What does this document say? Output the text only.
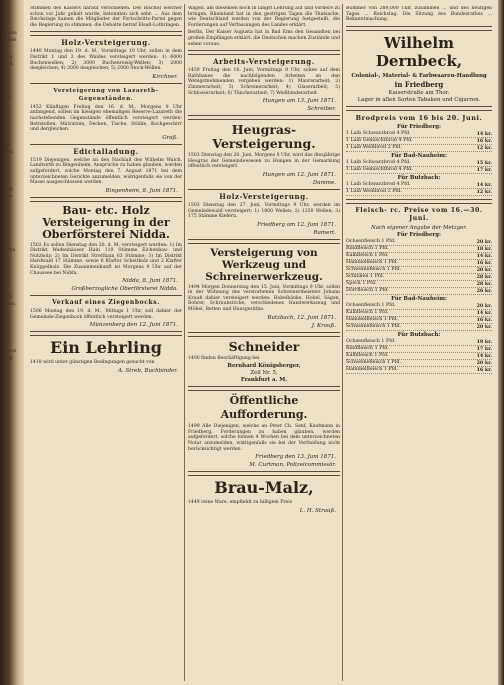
gaste
n Gei
ung
1. A
er
nis
ng
Geb
ung
Wie
ng,
Gesa
Sch
chen
eines
ung

Stimmen des Kaisers darauf verschieden. Der Bischof welcher schon vor Jahr gehalt wurde, betonnten sich sehr. ... Aus dem Reichstage kamen die Mitglieder der Fortschritts-Partei gegen die Regierung zu stimmen; die Debatte betraf Elsaß-Lothringen.

Holz-Versteigerung.

1440 Montag den 19. d. M., Vormittags 10 Uhr, sollen in dem Distrikt 1 und 2 des Waldes versteigert werden: 1) 6000 Buchenwellen; 2) 3000 Buchenreisig-Wellen; 3) 2000 desgleichen; 4) 2000 desgleichen; 5) 2000 Stock-Wellen.

Kirchner.
Versteigerung von Lazareth-Gegenständen.

1452 Künftigen Freitag den 16. d. M., Morgens 9 Uhr anfangend, sollen im hiesigen ehemaligen Reserve-Lazareth die nachstehenden Gegenstände öffentlich versteigert werden: Bettstellen, Matratzen, Decken, Tische, Stühle, Kochgeschirr und dergleichen.

Graß.
Edictalladung.

1519 Diejenigen, welche an den Nachlaß des Wilhelm Walch, Landwirth zu Bingenheim, Ansprüche zu haben glauben, werden aufgefordert, solche Montag den 7. August 1871 bei dem unterzeichneten Gerichte anzumelden, widrigenfalls sie von der Masse ausgeschlossen werden.

Bingenheim, 8. Juni 1871.
Bau- etc. Holz Versteigerung in der Oberförsterei Nidda.

1502 Es sollen Dienstag den 20. d. M. versteigert werden: 1) Im Distrikt Wadenhäuser Hain 110 Stämme Eichenbau- und Nutzholz; 2) Im Distrikt Streithain 63 Stämme; 3) Im Distrikt Hardwald 17 Stämme, sowie 6 Klafter Scheitholz und 2 Klafter Knüppelholz. Die Zusammenkunft ist Morgens 9 Uhr auf der Chaussee bei Nidda.

Nidda, 8. Juni 1871.
Großherzogliche Oberförsterei Nidda.
Verkauf eines Ziegenbocks.

1500 Montag den 19. d. M., Mittags 1 Uhr, soll dahier der Gemeinde-Ziegenbock öffentlich versteigert werden.

Münzenberg den 12. Juni 1871.
Ein Lehrling

1418 wird unter günstigen Bedingungen gesucht von

A. Streb, Buchbinder.

Wagen, am dieselben noch in längst Lehrung auf und Vordere zu bringen. Rheinland hat in den gestrigen Tagen die Thatsache, wie Deutschland werden von der Regierung festgestellt, die Forderungen auf Verfassungen des Landes erklärt.

Berlin, Der Kaiser Augusta hat in Bad Ems den Gesandten bei großen Empfängen erklärt: die Deutschen machen Zustände und sehen voraus.

Arbeits-Versteigerung.

1459 Freitag den 16. Juni, Vormittags 9 Uhr, sollen auf dem Rathhause die nachfolgenden Arbeiten an den Wenigstnehmenden vergeben werden: 1) Maurerarbeit; 2) Zimmerarbeit; 3) Schreinerarbeit; 4) Glaserarbeit; 5) Schlosserarbeit; 6) Tüncherarbeit; 7) Weißbinderarbeit.

Hungen am 13. Juni 1871.
Schreiber.
Heugras-Versteigerung.

1503 Dienstag den 20. Juni, Morgens 8 Uhr, wird das diesjährige Heugras der Gemeindewiesen zu Hungen in der Gemarkung öffentlich versteigert.

Hungen am 12. Juni 1871.
Damme.
Holz-Versteigerung.

1503 Dienstag den 27. Juni, Vormittags 9 Uhr, werden im Gemeindewald versteigert: 1) 1800 Wellen; 2) 1250 Wellen; 3) 175 Stämme Kiefern.

Friedberg am 12. Juni 1871.
Ramert.
Versteigerung von Werkzeug und Schreinerwerkzeug.

1494 Morgen Donnerstag den 15. Juni, Vormittags 9 Uhr, sollen in der Wohnung des verstorbenen Schreinermeisters Johann Krauß dahier versteigert werden: Hobelbänke, Hobel, Sägen, Bohrer, Schraubstöcke, verschiedenes Handwerkszeug und Möbel, Betten und Hausgeräthe.

Butzbach, 12. Juni 1871.
J. Krauß.
Schneider

1490 finden Beschäftigung bei

Bernhard Königsberger,
Zeil Nr. 5,
Frankfurt a. M.
Öffentliche Aufforderung.

1499 Alle Diejenigen, welche an Peter Ch. Senf, Kaufmann in Friedberg, Forderungen zu haben glauben, werden aufgefordert, solche binnen 4 Wochen bei dem unterzeichneten Notar anzumelden, widrigenfalls sie bei der Vertheilung nicht berücksichtigt werden.

Friedberg den 13. Juni 1871.
M. Curtman, Polizeicommissär.
Brau-Malz,

1449 reine Ware, empfiehlt zu billigem Preis

L. H. Strauß.

Bummer von 289,000 Thlr. zusammen ... und des heutigen Tages ... Reichstag. Die Sitzung des Bundesrathes ... Bekanntmachung.

Wilhelm Dernbeck,
Colonial-, Material- & Farbwaaren-Handlung
in Friedberg
Kaiserstraße am Thor.
Lager in allen Sorten Tabaken und Cigarren.
Brodpreis vom 16 bis 20. Juni.
Für Friedberg:
1 Laib Schwarzbrod 4 Pfd.	14 kr.
1 Laib Gemischtbrod 4 Pfd.	16 kr.
1 Laib Weißbrod 2 Pfd.	12 kr.
Für Bad-Nauheim:
1 Laib Schwarzbrod 4 Pfd.	15 kr.
1 Laib Gemischtbrod 4 Pfd.	17 kr.
Für Butzbach:
1 Laib Schwarzbrod 4 Pfd.	14 kr.
1 Laib Weißbrod 2 Pfd.	12 kr.
Fleisch- rc. Preise vom 16.—30. Juni.
Nach eigener Angabe der Metzger.
Für Friedberg:
Ochsenfleisch 1 Pfd.	20 kr.
Rindfleisch 1 Pfd.	18 kr.
Kalbfleisch 1 Pfd.	14 kr.
Hammelfleisch 1 Pfd.	16 kr.
Schweinefleisch 1 Pfd.	20 kr.
Schinken 1 Pfd.	28 kr.
Speck 1 Pfd.	28 kr.
Dörrfleisch 1 Pfd.	26 kr.
Für Bad-Nauheim:
Ochsenfleisch 1 Pfd.	20 kr.
Kalbfleisch 1 Pfd.	14 kr.
Hammelfleisch 1 Pfd.	16 kr.
Schweinefleisch 1 Pfd.	20 kr.
Für Butzbach:
Ochsenfleisch 1 Pfd.	19 kr.
Rindfleisch 1 Pfd.	17 kr.
Kalbfleisch 1 Pfd.	14 kr.
Schweinefleisch 1 Pfd.	20 kr.
Hammelfleisch 1 Pfd.	16 kr.
